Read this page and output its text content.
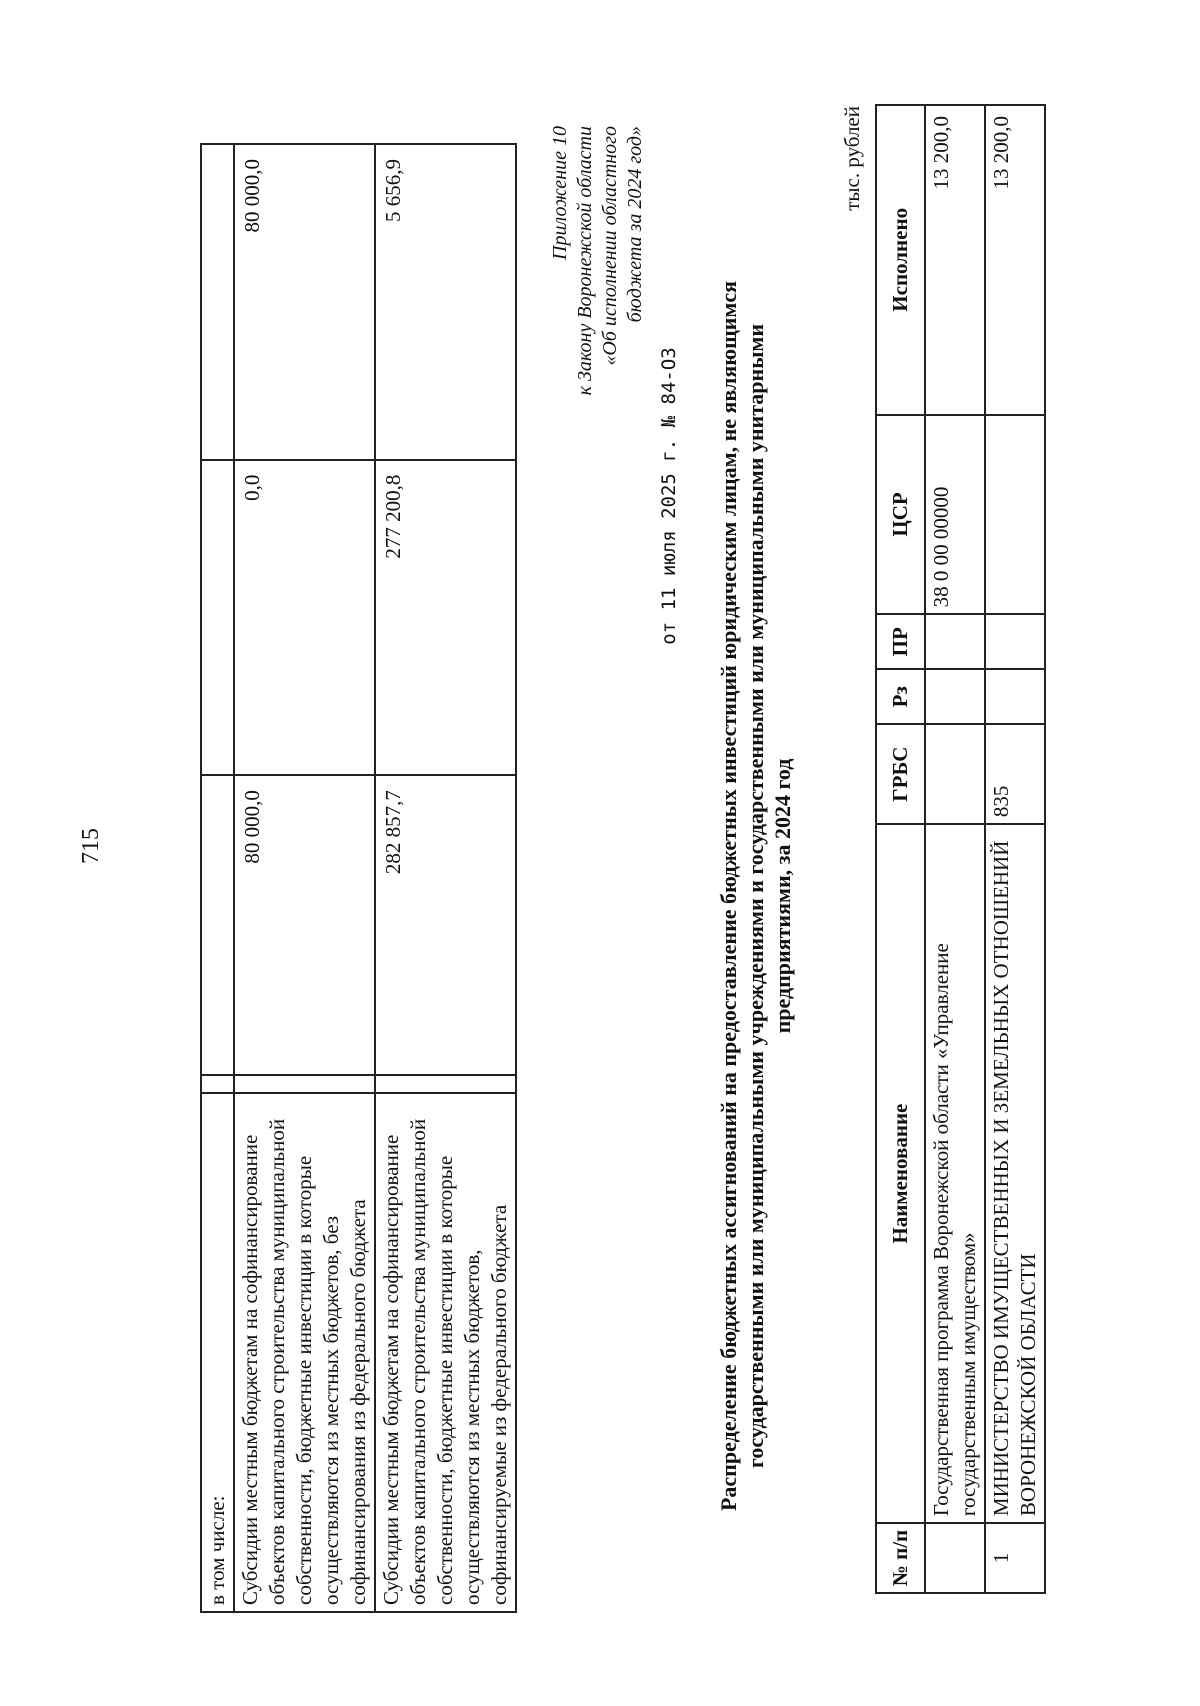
715
в том числе:				
Субсидии местным бюджетам на софинансирование объектов капитального строительства муниципальной собственности, бюджетные инвестиции в которые осуществляются из местных бюджетов, без софинансирования из федерального бюджета		80 000,0	0,0	80 000,0
Субсидии местным бюджетам на софинансирование объектов капитального строительства муниципальной собственности, бюджетные инвестиции в которые осуществляются из местных бюджетов, софинансируемые из федерального бюджета		282 857,7	277 200,8	5 656,9	Приложение 10 к Закону Воронежской области «Об исполнении областного бюджета за 2024 год»
от 11 июля 2025 г. № 84-ОЗ Распределение бюджетных ассигнований на предоставление бюджетных инвестиций юридическим лицам, не являющимся государственными или муниципальными учреждениями и государственными или муниципальными унитарными предприятиями, за 2024 год
тыс. рублей
№ п/п	Наименование	ГРБС	Рз	ПР	ЦСР	Исполнено
	Государственная программа Воронежской области «Управление государственным имуществом»				38 0 00 00000	13 200,0
1	МИНИСТЕРСТВО ИМУЩЕСТВЕННЫХ И ЗЕМЕЛЬНЫХ ОТНОШЕНИЙ ВОРОНЕЖСКОЙ ОБЛАСТИ	835				13 200,0
